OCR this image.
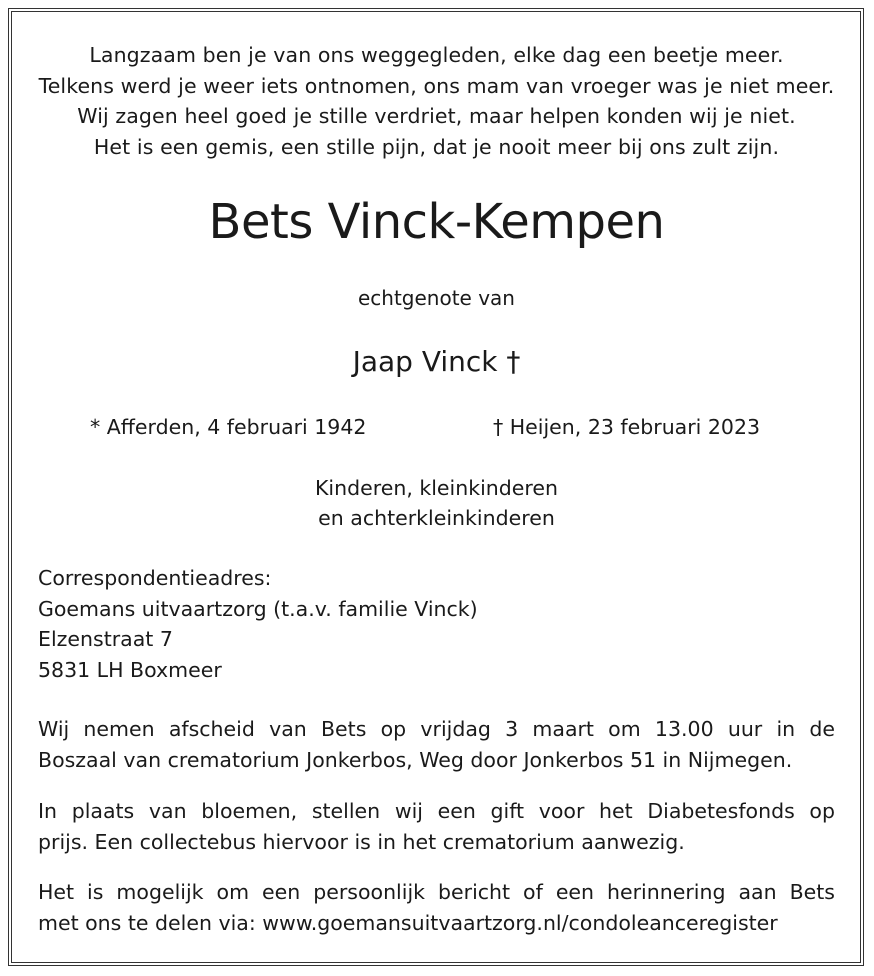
Langzaam ben je van ons weggegleden, elke dag een beetje meer.
Telkens werd je weer iets ontnomen, ons mam van vroeger was je niet meer.
Wij zagen heel goed je stille verdriet, maar helpen konden wij je niet.
Het is een gemis, een stille pijn, dat je nooit meer bij ons zult zijn.
Bets Vinck-Kempen
echtgenote van
Jaap Vinck †
* Afferden, 4 februari 1942	† Heijen, 23 februari 2023
Kinderen, kleinkinderen
en achterkleinkinderen
Correspondentieadres:
Goemans uitvaartzorg (t.a.v. familie Vinck)
Elzenstraat 7
5831 LH Boxmeer
Wij nemen afscheid van Bets op vrijdag 3 maart om 13.00 uur in de
Boszaal van crematorium Jonkerbos, Weg door Jonkerbos 51 in Nijmegen.
In plaats van bloemen, stellen wij een gift voor het Diabetesfonds op
prijs. Een collectebus hiervoor is in het crematorium aanwezig.
Het is mogelijk om een persoonlijk bericht of een herinnering aan Bets
met ons te delen via: www.goemansuitvaartzorg.nl/condoleanceregister
